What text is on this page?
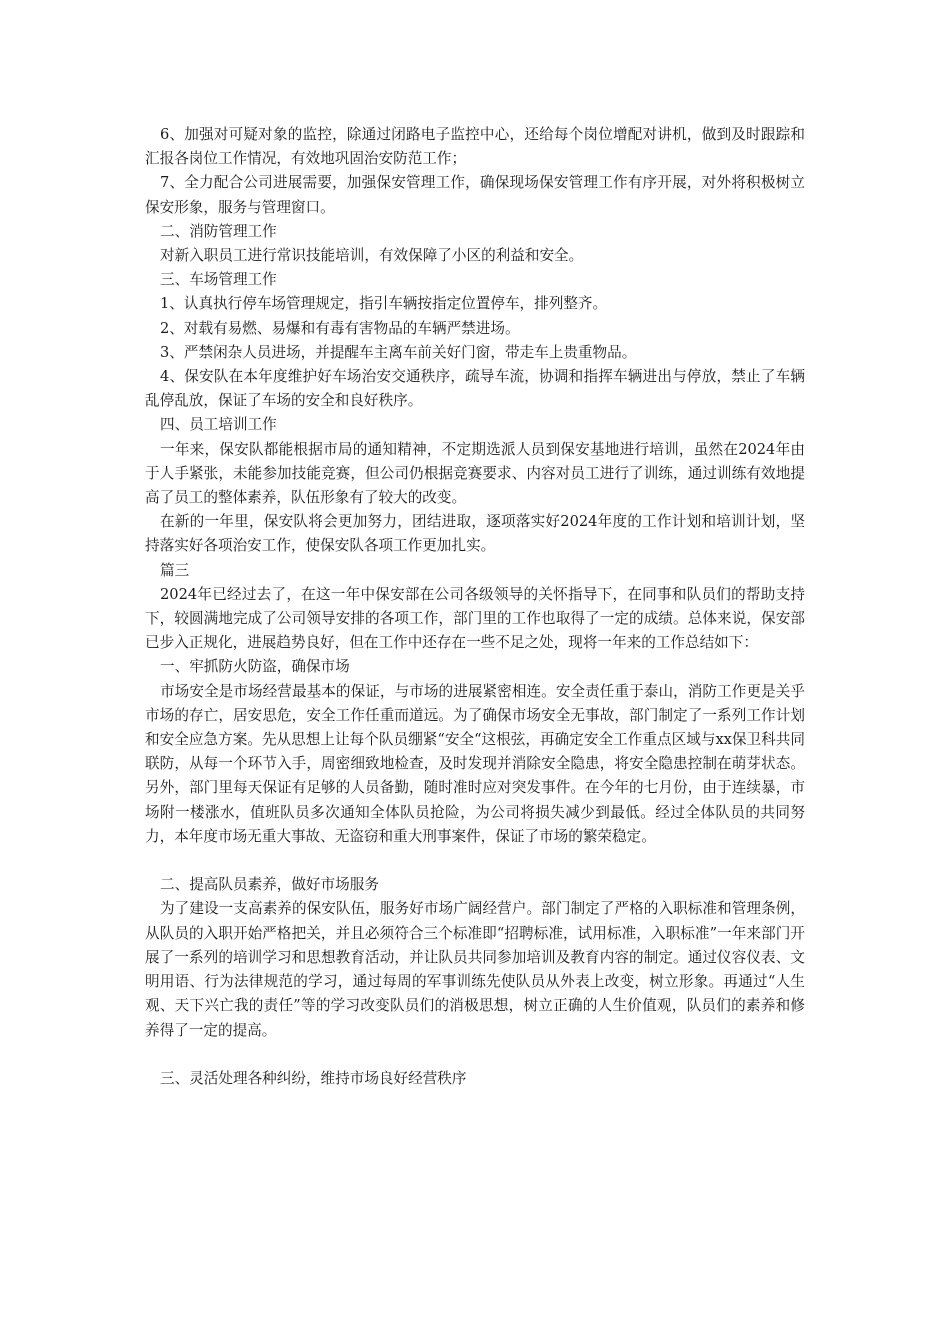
6、加强对可疑对象的监控，除通过闭路电子监控中心，还给每个岗位增配对讲机，做到及时跟踪和汇报各岗位工作情况，有效地巩固治安防范工作；

7、全力配合公司进展需要，加强保安管理工作，确保现场保安管理工作有序开展，对外将积极树立保安形象，服务与管理窗口。

二、消防管理工作

对新入职员工进行常识技能培训，有效保障了小区的利益和安全。

三、车场管理工作

1、认真执行停车场管理规定，指引车辆按指定位置停车，排列整齐。

2、对载有易燃、易爆和有毒有害物品的车辆严禁进场。

3、严禁闲杂人员进场，并提醒车主离车前关好门窗，带走车上贵重物品。

4、保安队在本年度维护好车场治安交通秩序，疏导车流，协调和指挥车辆进出与停放，禁止了车辆乱停乱放，保证了车场的安全和良好秩序。

四、员工培训工作

一年来，保安队都能根据市局的通知精神，不定期选派人员到保安基地进行培训，虽然在2024年由于人手紧张，未能参加技能竞赛，但公司仍根据竞赛要求、内容对员工进行了训练，通过训练有效地提高了员工的整体素养，队伍形象有了较大的改变。

在新的一年里，保安队将会更加努力，团结进取，逐项落实好2024年度的工作计划和培训计划，坚持落实好各项治安工作，使保安队各项工作更加扎实。

篇三

2024年已经过去了，在这一年中保安部在公司各级领导的关怀指导下，在同事和队员们的帮助支持下，较圆满地完成了公司领导安排的各项工作，部门里的工作也取得了一定的成绩。总体来说，保安部已步入正规化，进展趋势良好，但在工作中还存在一些不足之处，现将一年来的工作总结如下：

一、牢抓防火防盗，确保市场

市场安全是市场经营最基本的保证，与市场的进展紧密相连。安全责任重于泰山，消防工作更是关乎市场的存亡，居安思危，安全工作任重而道远。为了确保市场安全无事故，部门制定了一系列工作计划和安全应急方案。先从思想上让每个队员绷紧“安全“这根弦，再确定安全工作重点区域与xx保卫科共同联防，从每一个环节入手，周密细致地检查，及时发现并消除安全隐患，将安全隐患控制在萌芽状态。另外，部门里每天保证有足够的人员备勤，随时准时应对突发事件。在今年的七月份，由于连续暴，市场附一楼涨水，值班队员多次通知全体队员抢险，为公司将损失减少到最低。经过全体队员的共同努力，本年度市场无重大事故、无盗窃和重大刑事案件，保证了市场的繁荣稳定。

二、提高队员素养，做好市场服务

为了建设一支高素养的保安队伍，服务好市场广阔经营户。部门制定了严格的入职标准和管理条例，从队员的入职开始严格把关，并且必须符合三个标准即“招聘标准，试用标准，入职标准”一年来部门开展了一系列的培训学习和思想教育活动，并让队员共同参加培训及教育内容的制定。通过仪容仪表、文明用语、行为法律规范的学习，通过每周的军事训练先使队员从外表上改变，树立形象。再通过“人生观、天下兴亡我的责任”等的学习改变队员们的消极思想，树立正确的人生价值观，队员们的素养和修养得了一定的提高。

三、灵活处理各种纠纷，维持市场良好经营秩序
